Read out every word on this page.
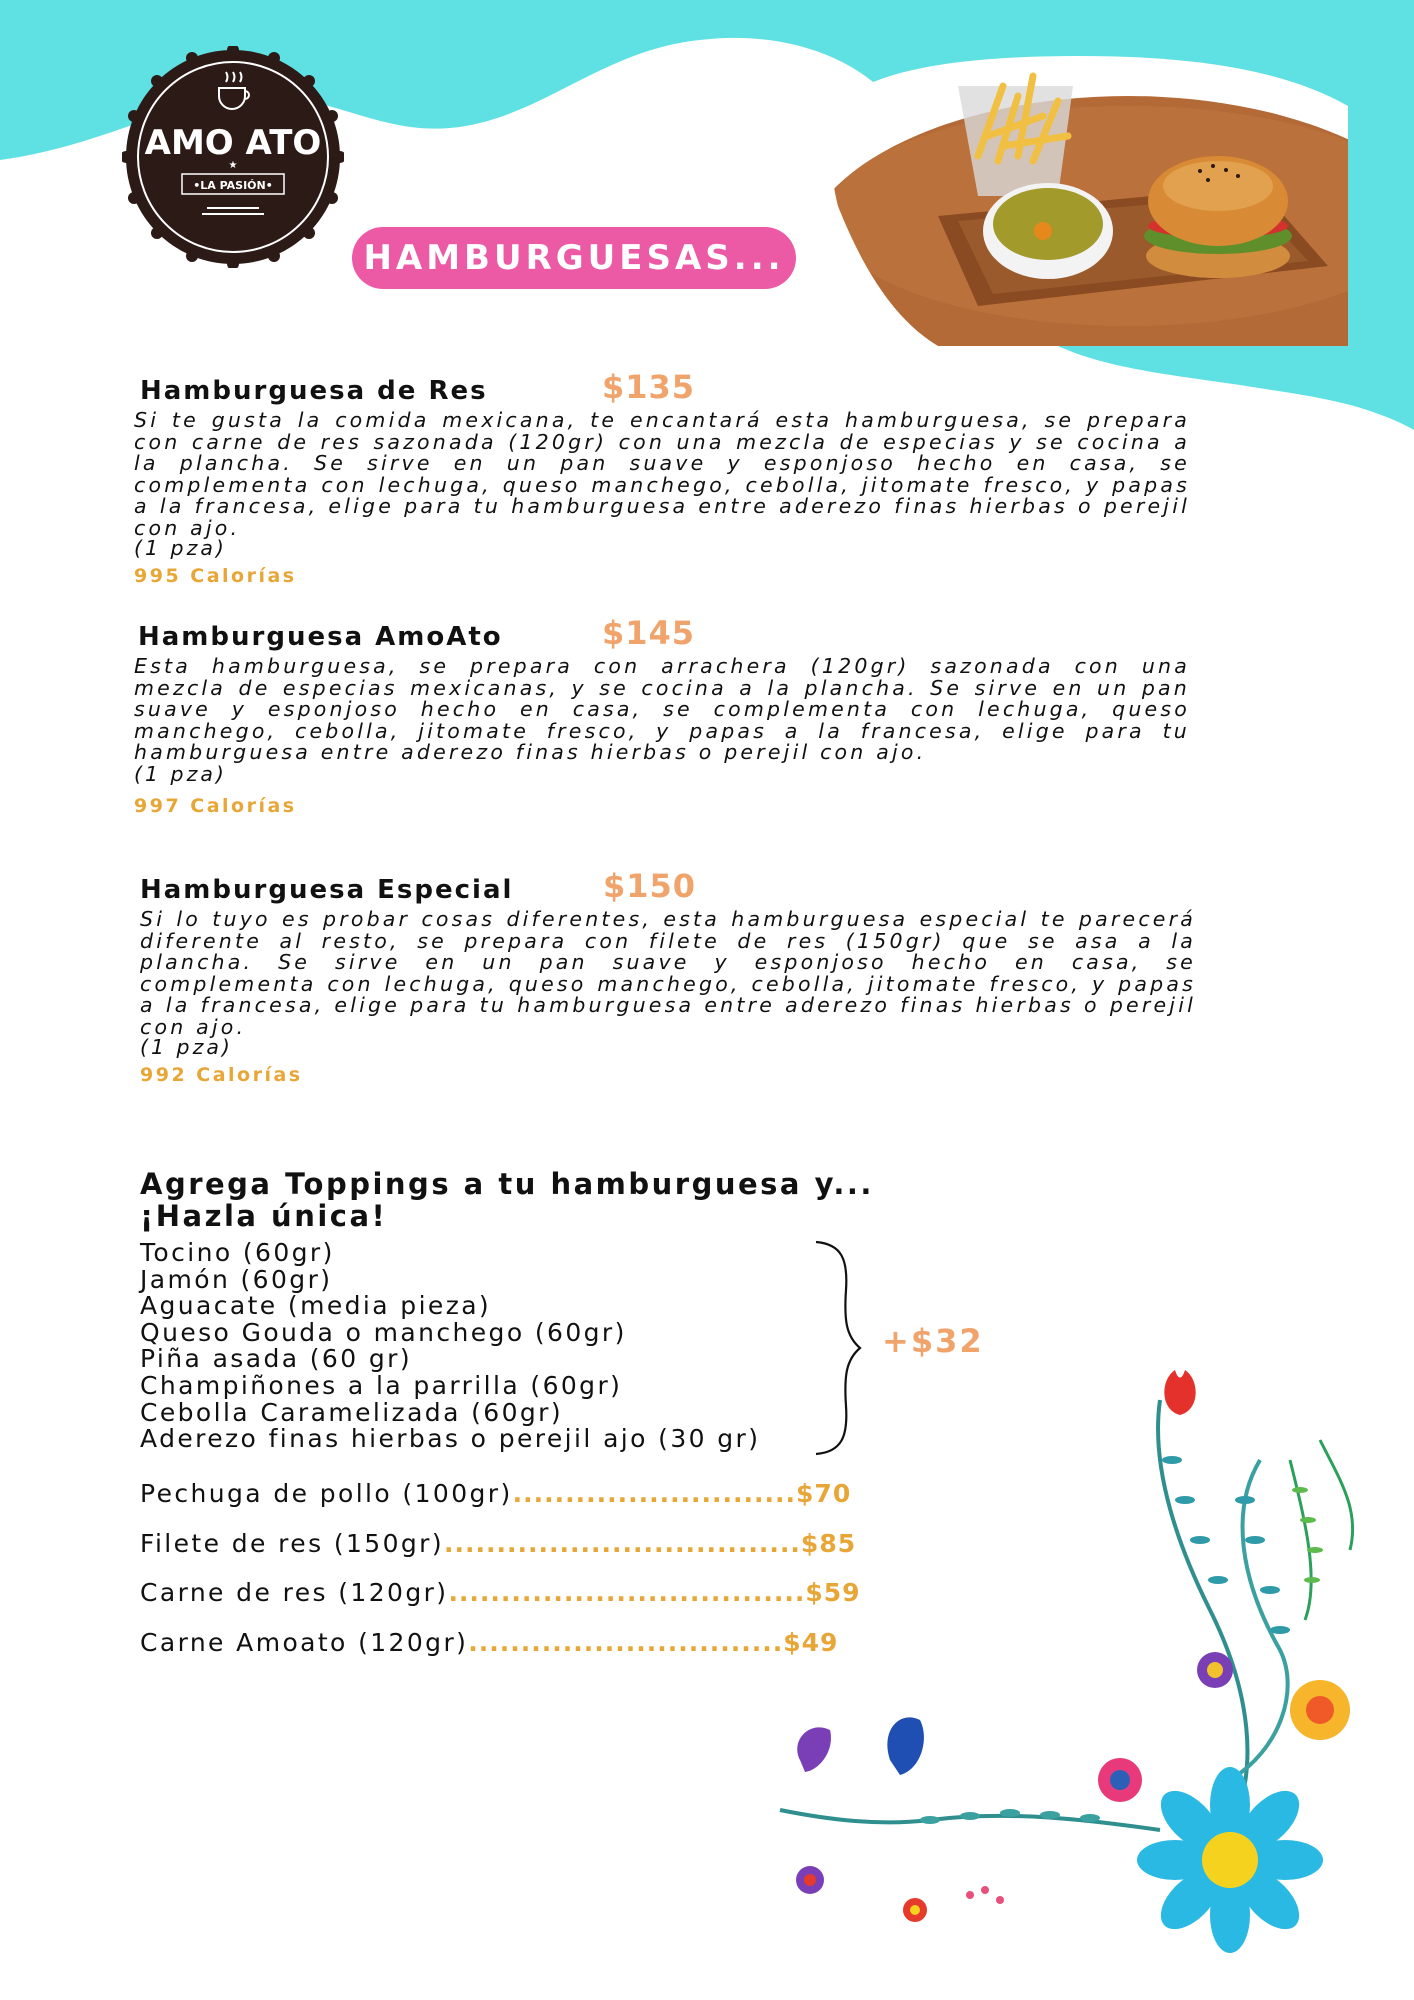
AMO ATO
★
•LA PASIÓN•
HAMBURGUESAS...
Hamburguesa de Res	$135

Si te gusta la comida mexicana, te encantará esta hamburguesa, se prepara con carne de res sazonada (120gr) con una mezcla de especias y se cocina a la plancha. Se sirve en un pan suave y esponjoso hecho en casa, se complementa con lechuga, queso manchego, cebolla, jitomate fresco, y papas a la francesa, elige para tu hamburguesa entre aderezo finas hierbas o perejil con ajo.

(1 pza)
995 Calorías
Hamburguesa AmoAto	$145

Esta hamburguesa, se prepara con arrachera (120gr) sazonada con una mezcla de especias mexicanas, y se cocina a la plancha. Se sirve en un pan suave y esponjoso hecho en casa, se complementa con lechuga, queso manchego, cebolla, jitomate fresco, y papas a la francesa, elige para tu hamburguesa entre aderezo finas hierbas o perejil con ajo.

(1 pza)
997 Calorías
Hamburguesa Especial	$150

Si lo tuyo es probar cosas diferentes, esta hamburguesa especial te parecerá diferente al resto, se prepara con filete de res (150gr) que se asa a la plancha. Se sirve en un pan suave y esponjoso hecho en casa, se complementa con lechuga, queso manchego, cebolla, jitomate fresco, y papas a la francesa, elige para tu hamburguesa entre aderezo finas hierbas o perejil con ajo.

(1 pza)
992 Calorías
Agrega Toppings a tu hamburguesa y...
¡Hazla única!
Tocino (60gr)
Jamón (60gr)
Aguacate (media pieza)
Queso Gouda o manchego (60gr)
Piña asada (60 gr)
Champiñones a la parrilla (60gr)
Cebolla Caramelizada (60gr)
Aderezo finas hierbas o perejil ajo (30 gr)
+$32
Pechuga de pollo (100gr) ........................... $70
Filete de res (150gr) .................................. $85
Carne de res (120gr) .................................. $59
Carne Amoato (120gr) .............................. $49
